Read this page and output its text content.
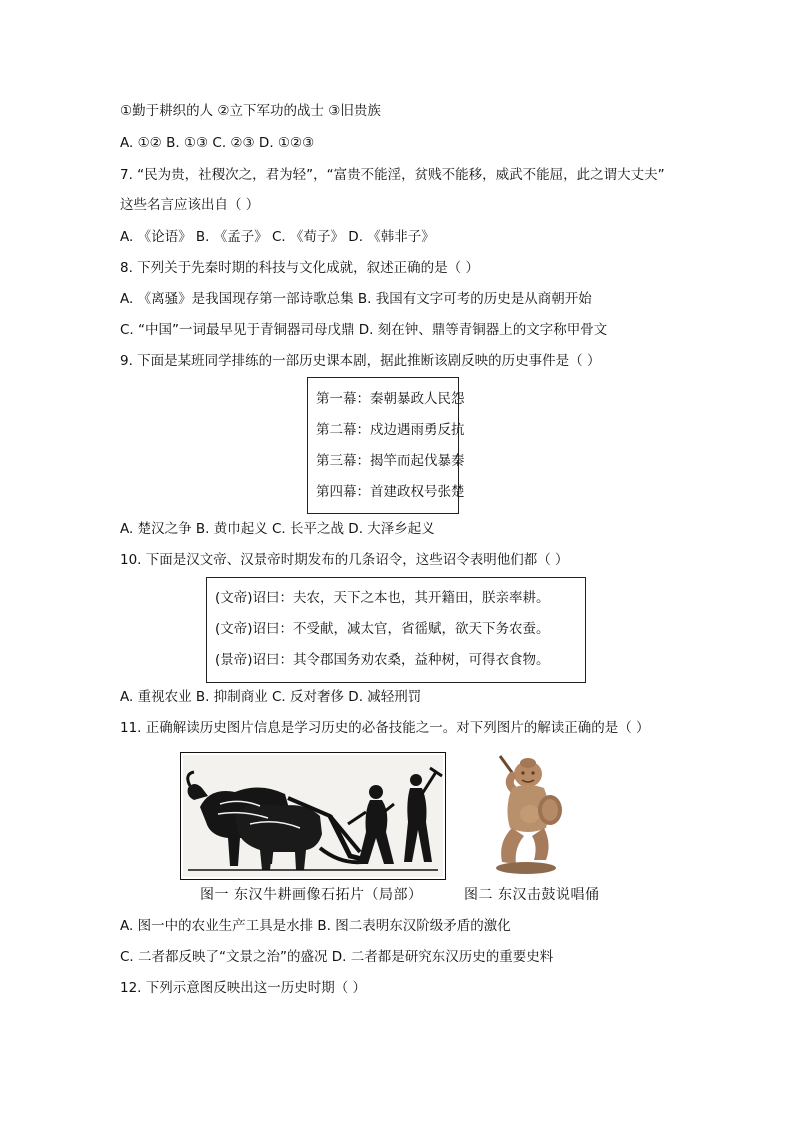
①勤于耕织的人 ②立下军功的战士 ③旧贵族
A. ①② B. ①③ C. ②③ D. ①②③
7. “民为贵，社稷次之，君为轻”，“富贵不能淫，贫贱不能移，威武不能屈，此之谓大丈夫”
这些名言应该出自（ ）
A. 《论语》 B. 《孟子》 C. 《荀子》 D. 《韩非子》
8. 下列关于先秦时期的科技与文化成就，叙述正确的是（ ）
A. 《离骚》是我国现存第一部诗歌总集 B. 我国有文字可考的历史是从商朝开始
C. “中国”一词最早见于青铜器司母戊鼎 D. 刻在钟、鼎等青铜器上的文字称甲骨文
9. 下面是某班同学排练的一部历史课本剧，据此推断该剧反映的历史事件是（ ）
第一幕：秦朝暴政人民怨
第二幕：戍边遇雨勇反抗
第三幕：揭竿而起伐暴秦
第四幕：首建政权号张楚
A. 楚汉之争 B. 黄巾起义 C. 长平之战 D. 大泽乡起义
10. 下面是汉文帝、汉景帝时期发布的几条诏令，这些诏令表明他们都（ ）
(文帝)诏曰：夫农，天下之本也，其开籍田，朕亲率耕。
(文帝)诏曰：不受献，减太官，省徭赋，欲天下务农蚕。
(景帝)诏曰：其令郡国务劝农桑，益种树，可得衣食物。
A. 重视农业 B. 抑制商业 C. 反对奢侈 D. 减轻刑罚
11. 正确解读历史图片信息是学习历史的必备技能之一。对下列图片的解读正确的是（ ）
图一 东汉牛耕画像石拓片（局部）	图二 东汉击鼓说唱俑
A. 图一中的农业生产工具是水排 B. 图二表明东汉阶级矛盾的激化
C. 二者都反映了“文景之治”的盛况 D. 二者都是研究东汉历史的重要史料
12. 下列示意图反映出这一历史时期（ ）
